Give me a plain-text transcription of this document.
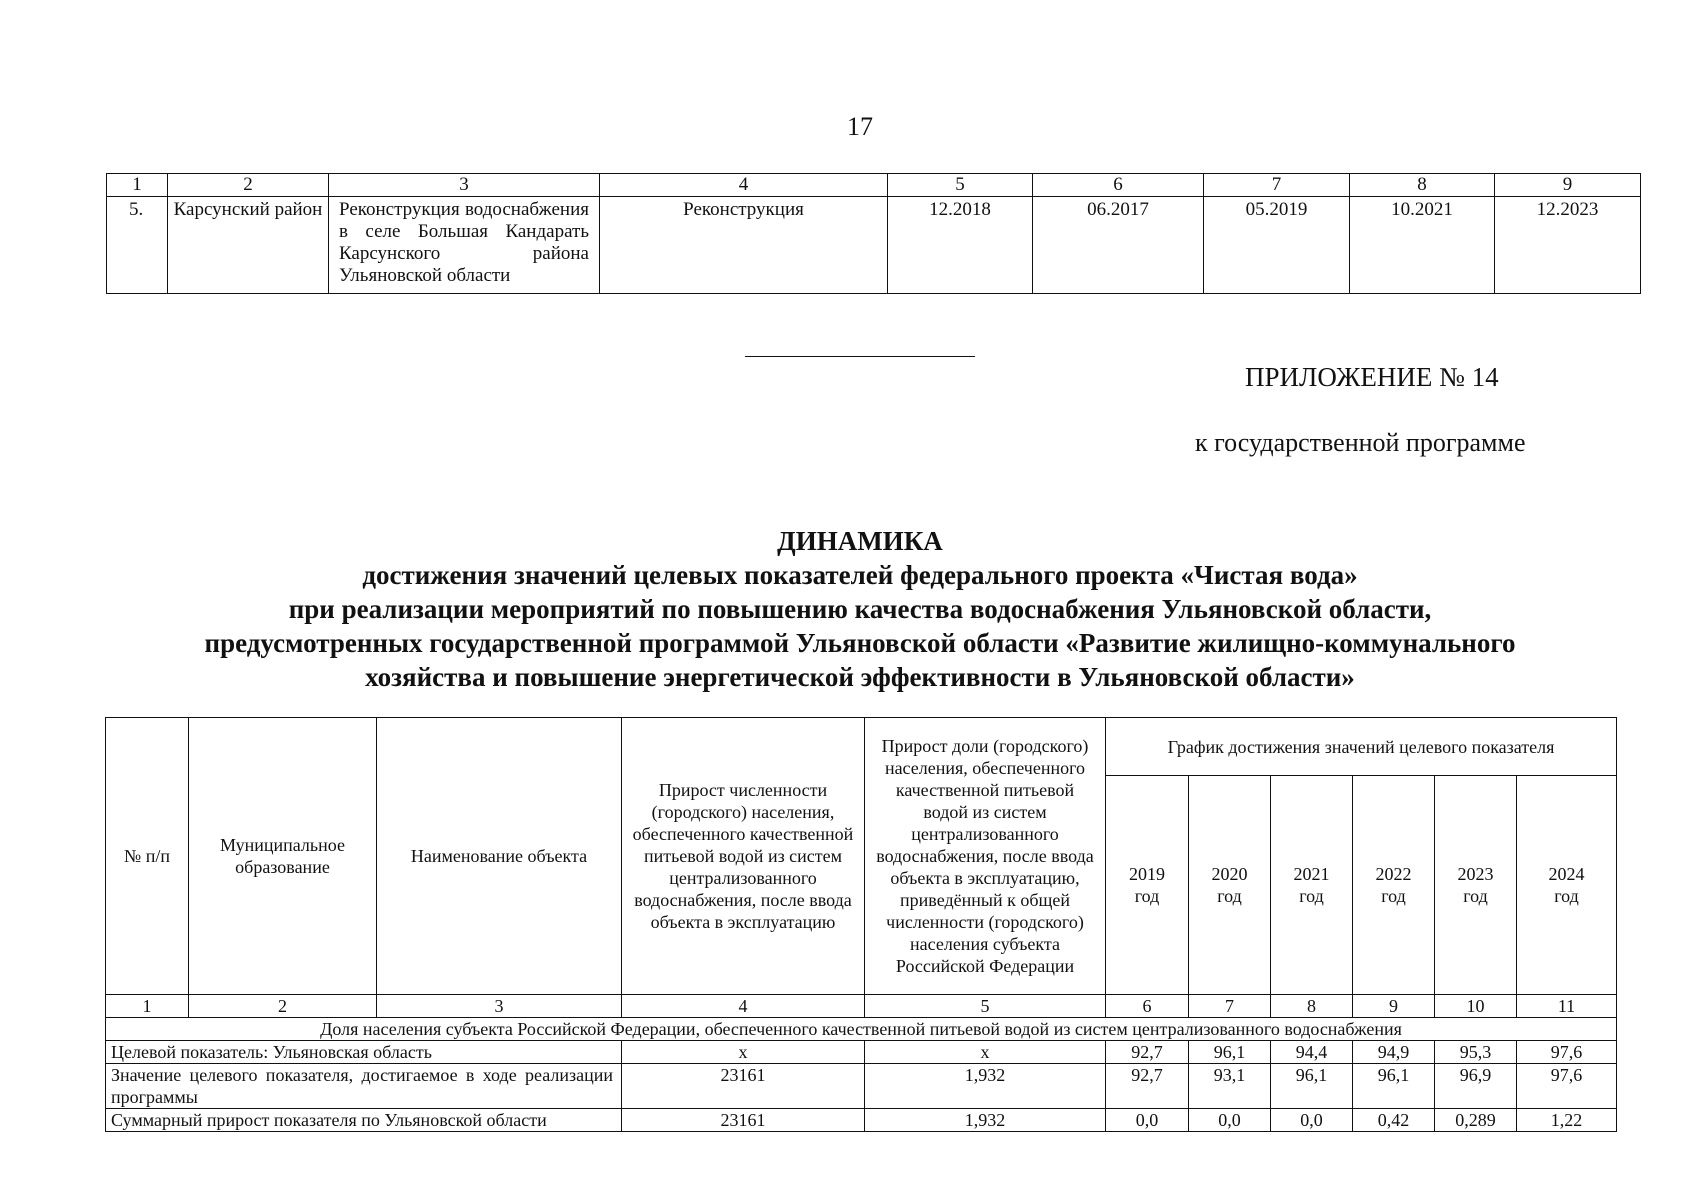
17
1	2	3	4	5	6	7	8	9
5.	Карсунский район	Реконструкция водоснабжения в селе Большая Кандарать Карсунского района Ульяновской области	Реконструкция	12.2018	06.2017	05.2019	10.2021	12.2023
ПРИЛОЖЕНИЕ № 14
к государственной программе
ДИНАМИКА
достижения значений целевых показателей федерального проекта «Чистая вода»
при реализации мероприятий по повышению качества водоснабжения Ульяновской области,
предусмотренных государственной программой Ульяновской области «Развитие жилищно-коммунального
хозяйства и повышение энергетической эффективности в Ульяновской области»
№ п/п	Муниципальное образование	Наименование объекта	Прирост численности (городского) населения, обеспеченного качественной питьевой водой из систем централизованного водоснабжения, после ввода объекта в эксплуатацию	Прирост доли (городского) населения, обеспеченного качественной питьевой водой из систем централизованного водоснабжения, после ввода объекта в эксплуатацию, приведённый к общей численности (городского) населения субъекта Российской Федерации	График достижения значений целевого показателя					
					2019 год	2020 год	2021 год	2022 год	2023 год	2024 год
1	2	3	4	5	6	7	8	9	10	11
Доля населения субъекта Российской Федерации, обеспеченного качественной питьевой водой из систем централизованного водоснабжения										
Целевой показатель: Ульяновская область			х	х	92,7	96,1	94,4	94,9	95,3	97,6
Значение целевого показателя, достигаемое в ходе реализации программы			23161	1,932	92,7	93,1	96,1	96,1	96,9	97,6
Суммарный прирост показателя по Ульяновской области			23161	1,932	0,0	0,0	0,0	0,42	0,289	1,22
